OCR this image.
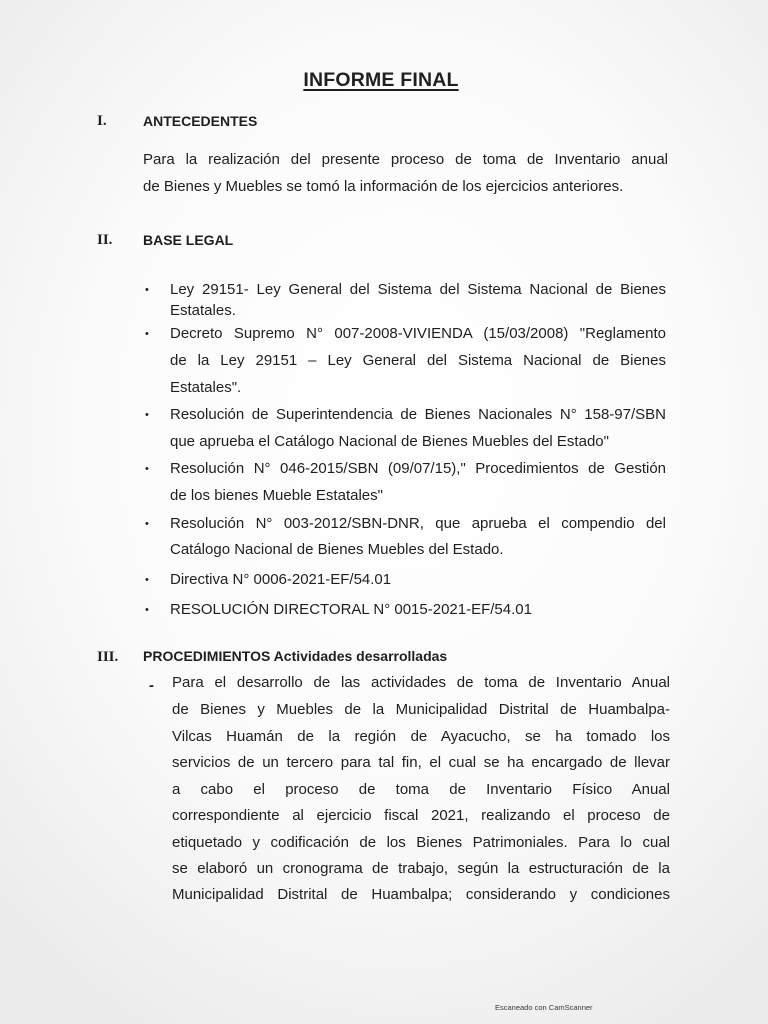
INFORME FINAL
I.	ANTECEDENTES
Para la realización del presente proceso de toma de Inventario anual
de Bienes y Muebles se tomó la información de los ejercicios anteriores.
II. BASE LEGAL
• Ley 29151- Ley General del Sistema del Sistema Nacional de Bienes
Estatales.
• Decreto Supremo N° 007-2008-VIVIENDA (15/03/2008) "Reglamento
de la Ley 29151 – Ley General del Sistema Nacional de Bienes
Estatales".
• Resolución de Superintendencia de Bienes Nacionales N° 158-97/SBN
que aprueba el Catálogo Nacional de Bienes Muebles del Estado"
• Resolución N° 046-2015/SBN (09/07/15)," Procedimientos de Gestión
de los bienes Mueble Estatales"
• Resolución N° 003-2012/SBN-DNR, que aprueba el compendio del
Catálogo Nacional de Bienes Muebles del Estado.
• Directiva N° 0006-2021-EF/54.01
• RESOLUCIÓN DIRECTORAL N° 0015-2021-EF/54.01
III. PROCEDIMIENTOS Actividades desarrolladas
- Para el desarrollo de las actividades de toma de Inventario Anual
de Bienes y Muebles de la Municipalidad Distrital de Huambalpa-
Vilcas Huamán de la región de Ayacucho, se ha tomado los
servicios de un tercero para tal fin, el cual se ha encargado de llevar
a cabo el proceso de toma de Inventario Físico Anual
correspondiente al ejercicio fiscal 2021, realizando el proceso de
etiquetado y codificación de los Bienes Patrimoniales. Para lo cual
se elaboró un cronograma de trabajo, según la estructuración de la
Municipalidad Distrital de Huambalpa; considerando y condiciones
Escaneado con CamScanner
